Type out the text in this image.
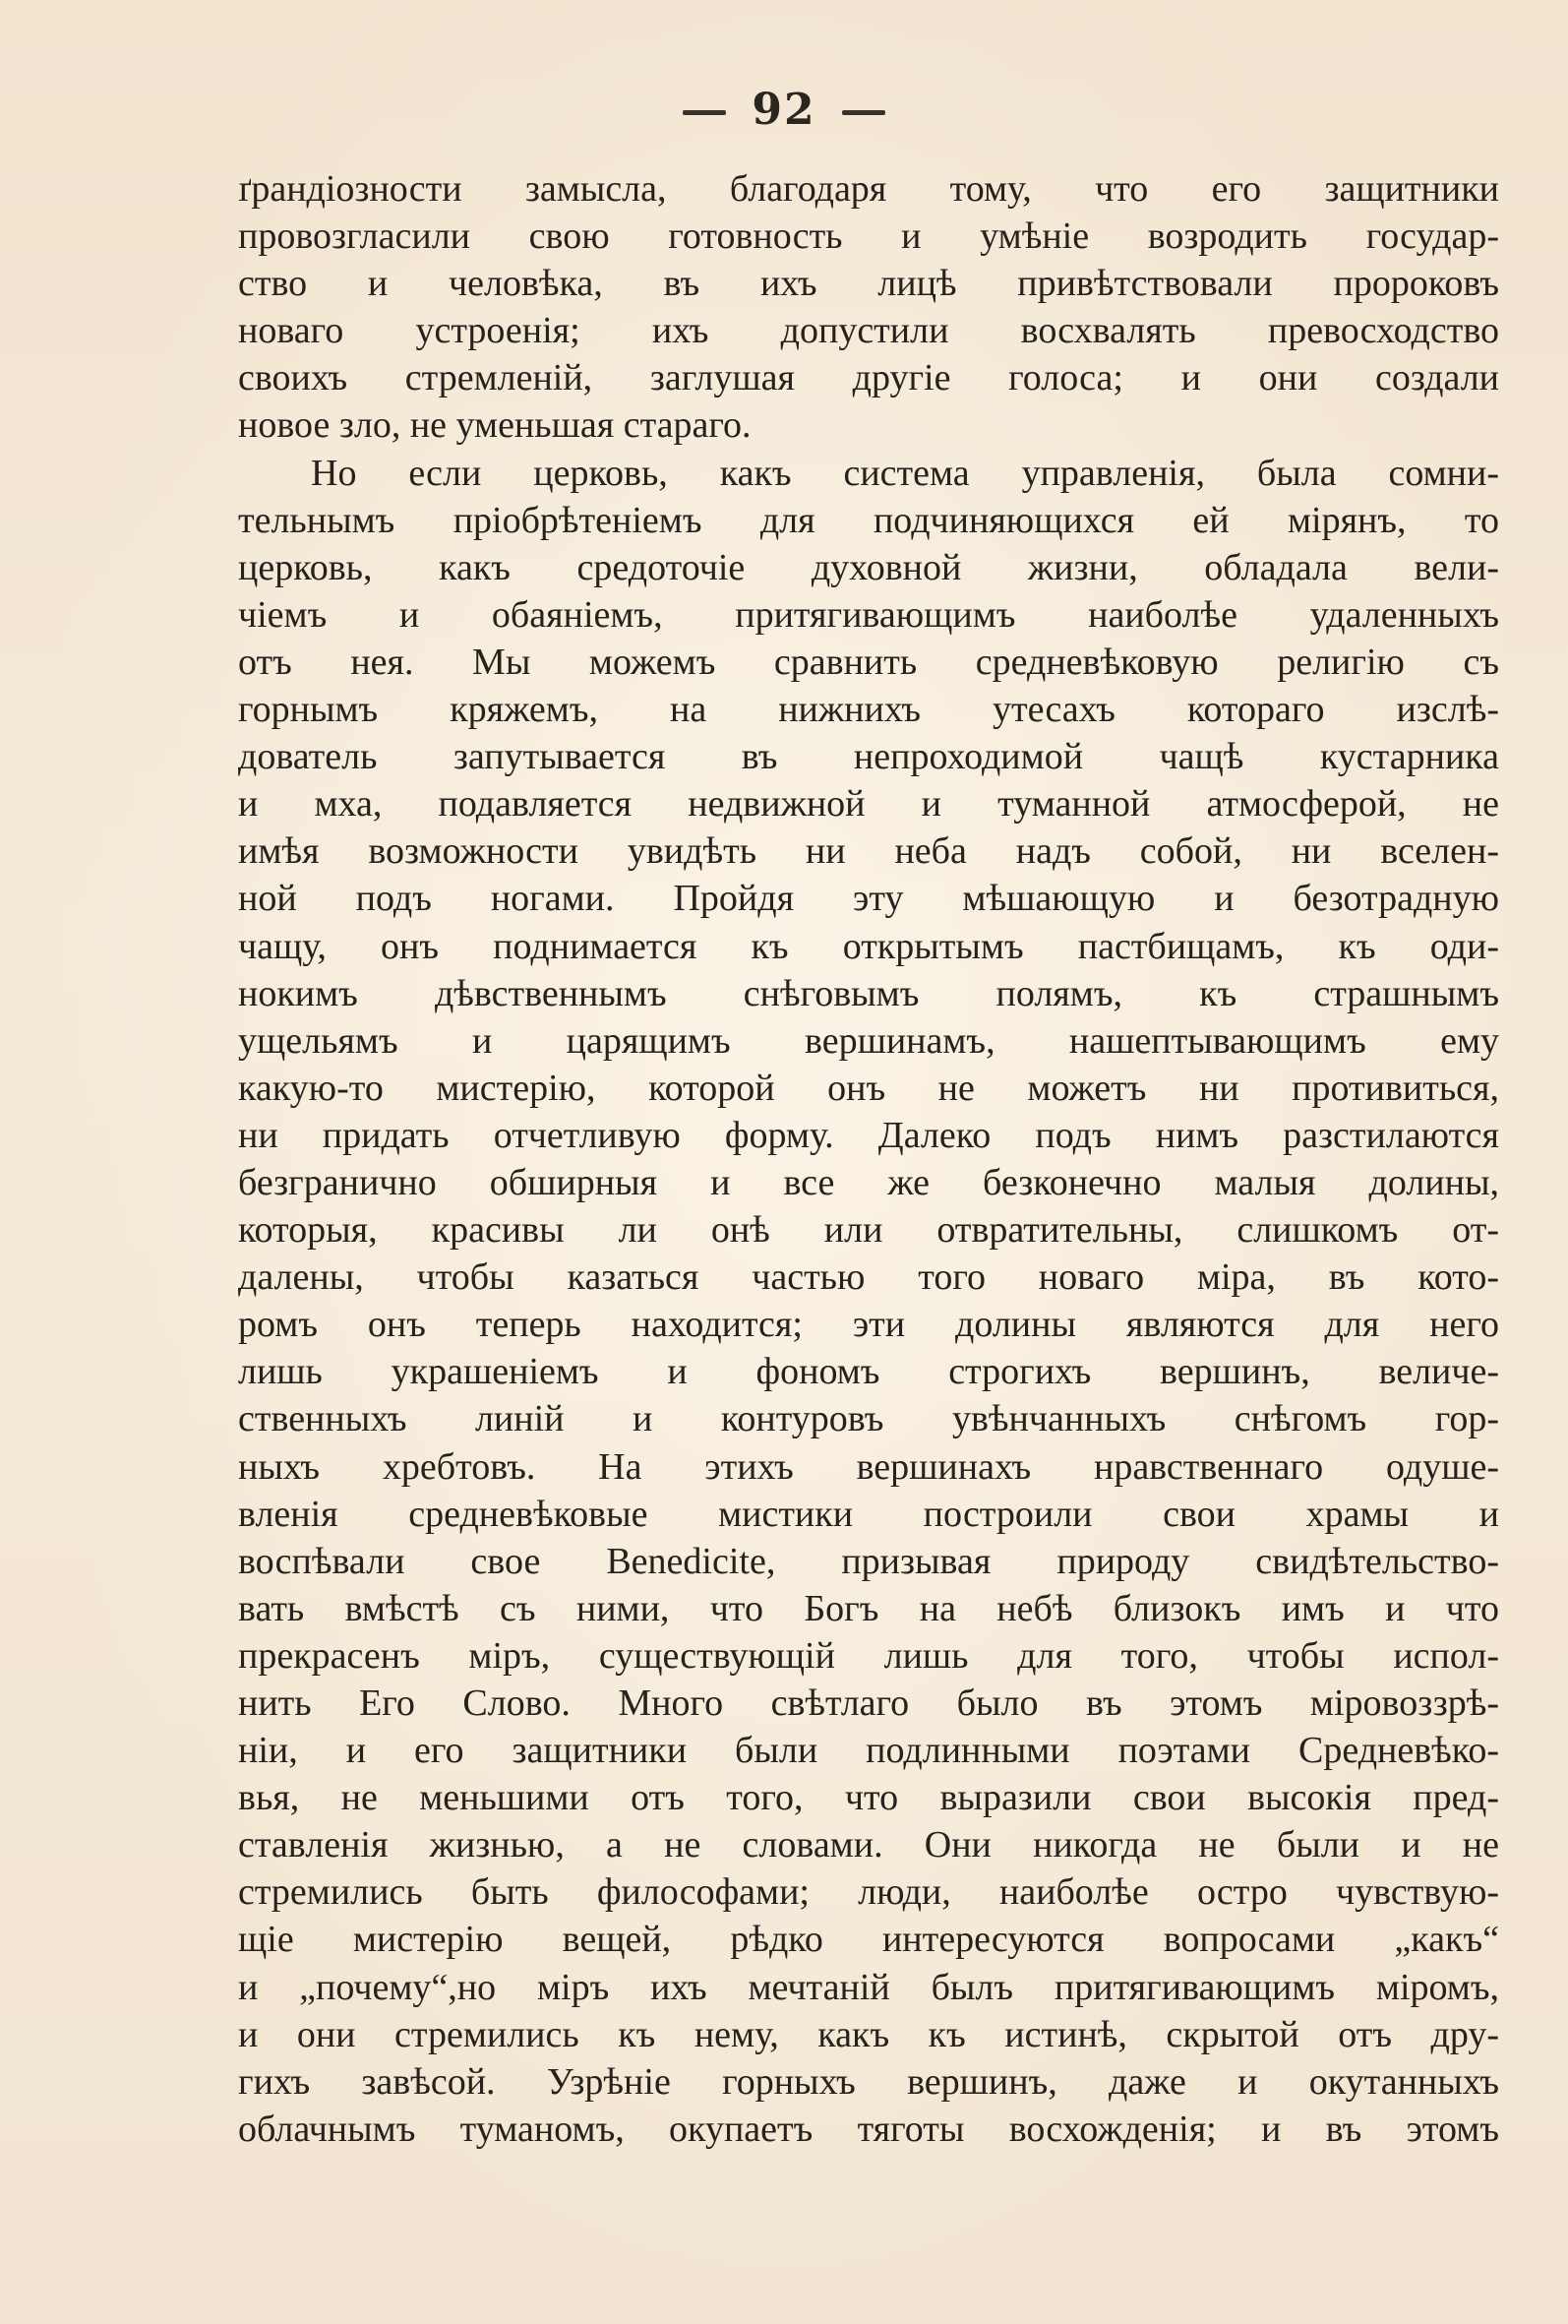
92
ґрандіозности замысла, благодаря тому, что его защитники
провозгласили свою готовность и умѣніе возродить государ-
ство и человѣка, въ ихъ лицѣ привѣтствовали пророковъ
новаго устроенія; ихъ допустили восхвалять превосходство
своихъ стремленій, заглушая другіе голоса; и они создали
новое зло, не уменьшая стараго.
Но если церковь, какъ система управленія, была сомни-
тельнымъ пріобрѣтеніемъ для подчиняющихся ей мірянъ, то
церковь, какъ средоточіе духовной жизни, обладала вели-
чіемъ и обаяніемъ, притягивающимъ наиболѣе удаленныхъ
отъ нея. Мы можемъ сравнить средневѣковую религію съ
горнымъ кряжемъ, на нижнихъ утесахъ котораго изслѣ-
дователь запутывается въ непроходимой чащѣ кустарника
и мха, подавляется недвижной и туманной атмосферой, не
имѣя возможности увидѣть ни неба надъ собой, ни вселен-
ной подъ ногами. Пройдя эту мѣшающую и безотрадную
чащу, онъ поднимается къ открытымъ пастбищамъ, къ оди-
нокимъ дѣвственнымъ снѣговымъ полямъ, къ страшнымъ
ущельямъ и царящимъ вершинамъ, нашептывающимъ ему
какую-то мистерію, которой онъ не можетъ ни противиться,
ни придать отчетливую форму. Далеко подъ нимъ разстилаются
безгранично обширныя и все же безконечно малыя долины,
которыя, красивы ли онѣ или отвратительны, слишкомъ от-
далены, чтобы казаться частью того новаго міра, въ кото-
ромъ онъ теперь находится; эти долины являются для него
лишь украшеніемъ и фономъ строгихъ вершинъ, величе-
ственныхъ линій и контуровъ увѣнчанныхъ снѣгомъ гор-
ныхъ хребтовъ. На этихъ вершинахъ нравственнаго одуше-
вленія средневѣковые мистики построили свои храмы и
воспѣвали свое Benedicite, призывая природу свидѣтельство-
вать вмѣстѣ съ ними, что Богъ на небѣ близокъ имъ и что
прекрасенъ міръ, существующій лишь для того, чтобы испол-
нить Его Слово. Много свѣтлаго было въ этомъ міровоззрѣ-
ніи, и его защитники были подлинными поэтами Средневѣко-
вья, не меньшими отъ того, что выразили свои высокія пред-
ставленія жизнью, а не словами. Они никогда не были и не
стремились быть философами; люди, наиболѣе остро чувствую-
щіе мистерію вещей, рѣдко интересуются вопросами „какъ“
и „почему“,но міръ ихъ мечтаній былъ притягивающимъ міромъ,
и они стремились къ нему, какъ къ истинѣ, скрытой отъ дру-
гихъ завѣсой. Узрѣніе горныхъ вершинъ, даже и окутанныхъ
облачнымъ туманомъ, окупаетъ тяготы восхожденія; и въ этомъ
